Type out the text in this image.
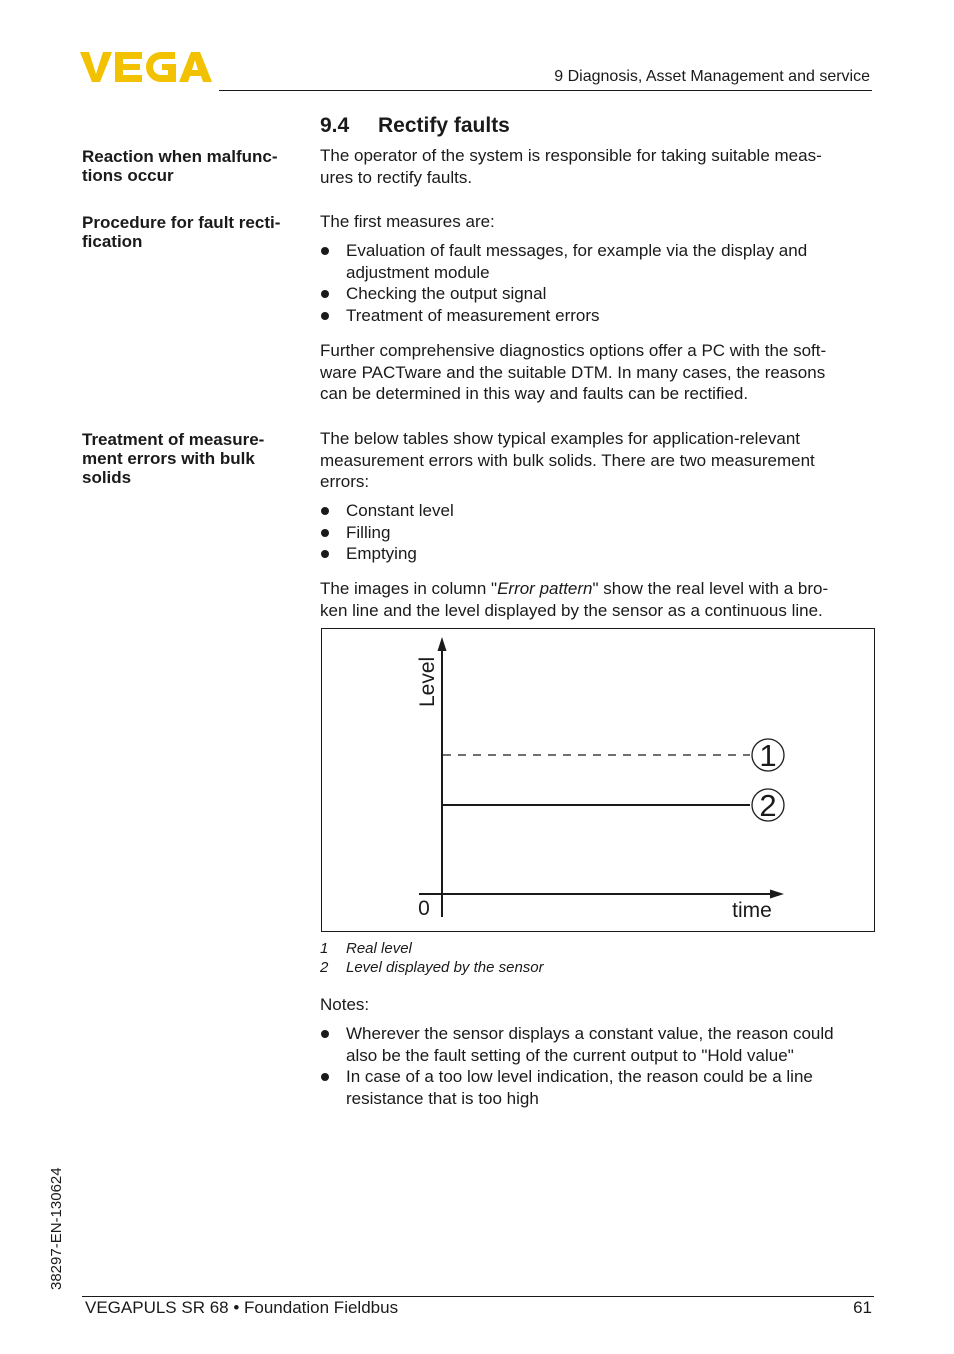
9 Diagnosis, Asset Management and service
9.4 Rectify faults
Reaction when malfunc-
tions occur
The operator of the system is responsible for taking suitable meas-
ures to rectify faults.
Procedure for fault recti-
fication
The first measures are:
Evaluation of fault messages, for example via the display and
adjustment module
Checking the output signal
Treatment of measurement errors
Further comprehensive diagnostics options offer a PC with the soft-
ware PACTware and the suitable DTM. In many cases, the reasons
can be determined in this way and faults can be rectified.
Treatment of measure-
ment errors with bulk
solids
The below tables show typical examples for application-relevant
measurement errors with bulk solids. There are two measurement
errors:
Constant level
Filling
Emptying
The images in column "Error pattern" show the real level with a bro-
ken line and the level displayed by the sensor as a continuous line.
1
2
Level
0	time
1 Real level
2 Level displayed by the sensor
Notes:
Wherever the sensor displays a constant value, the reason could
also be the fault setting of the current output to "Hold value"
In case of a too low level indication, the reason could be a line
resistance that is too high
38297-EN-130624
VEGAPULS SR 68 • Foundation Fieldbus	61
